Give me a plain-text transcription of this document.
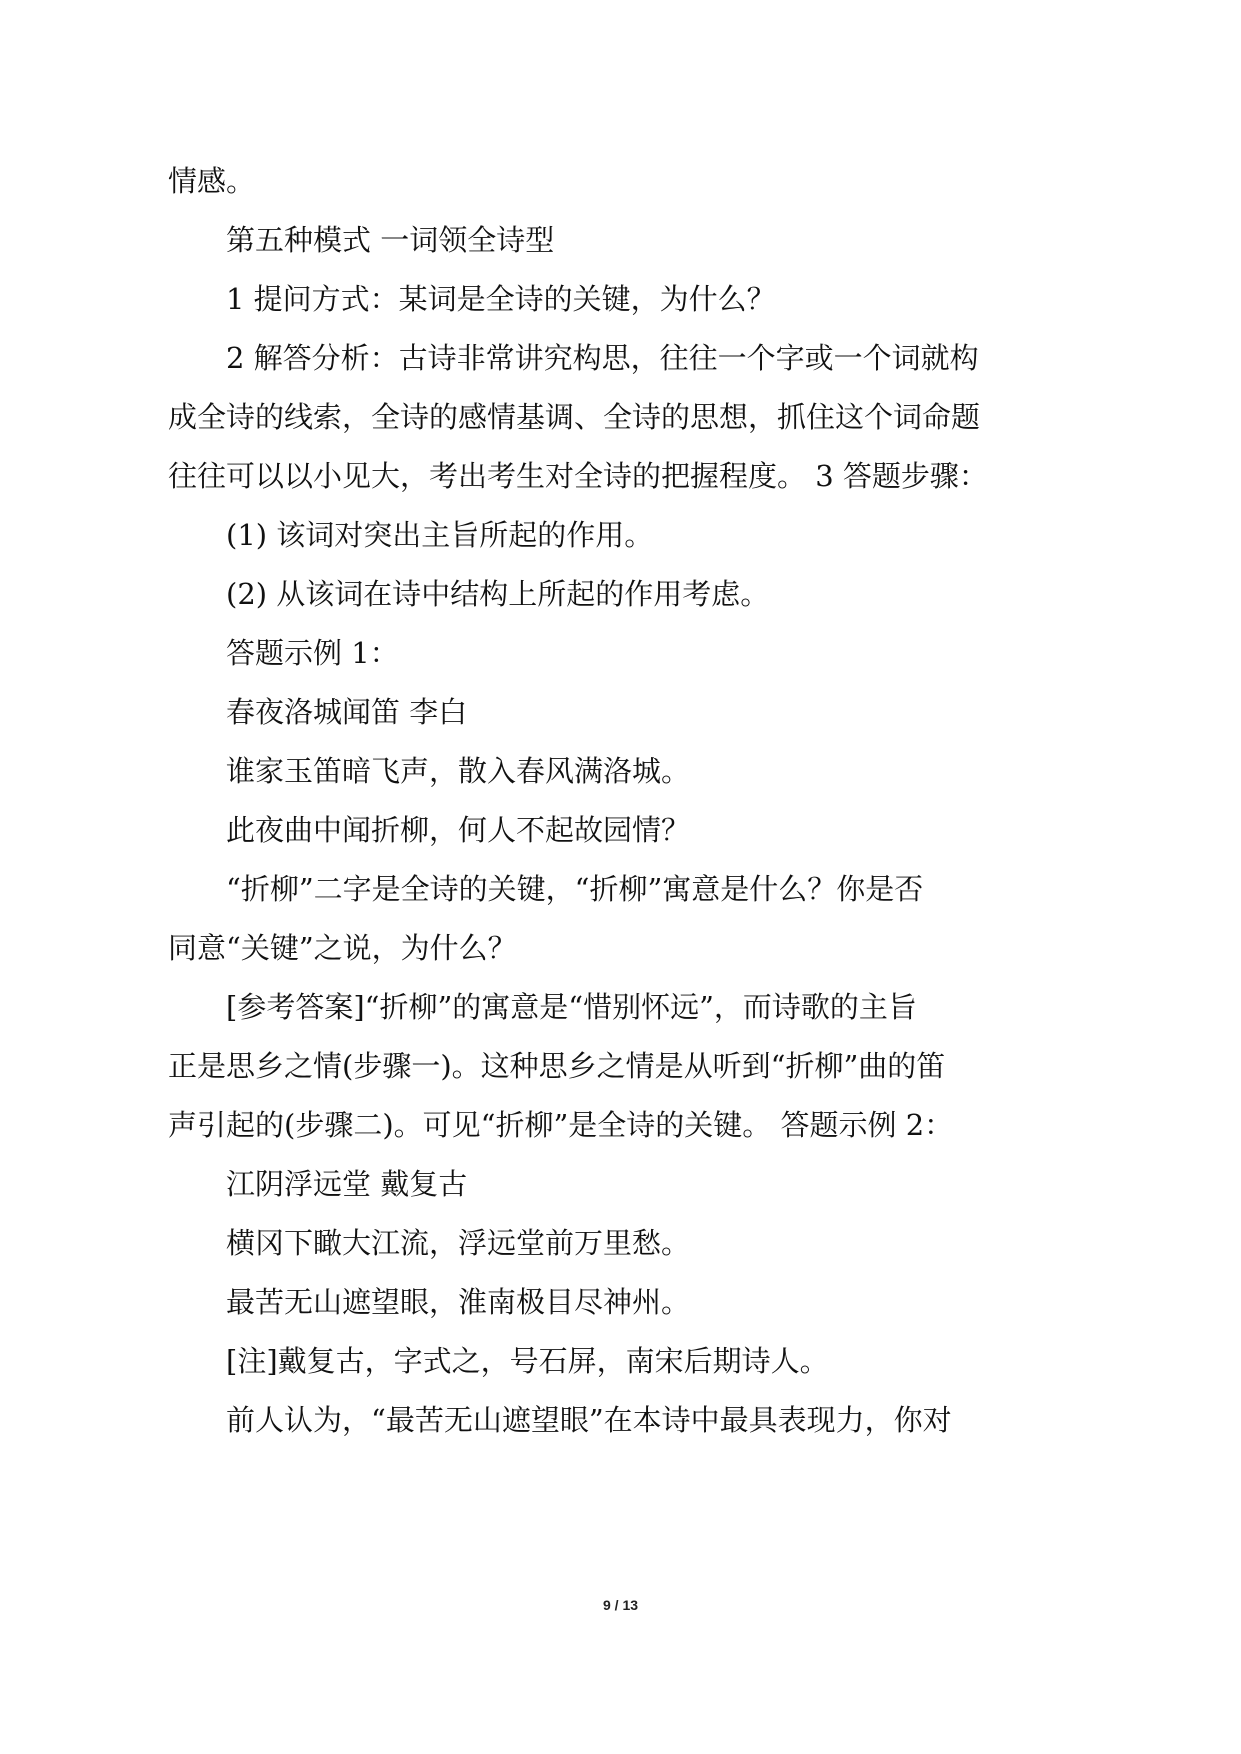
情感。
第五种模式 一词领全诗型
1 提问方式：某词是全诗的关键，为什么？
2 解答分析：古诗非常讲究构思，往往一个字或一个词就构
成全诗的线索，全诗的感情基调、全诗的思想，抓住这个词命题
往往可以以小见大，考出考生对全诗的把握程度。 3 答题步骤：
(1) 该词对突出主旨所起的作用。
(2) 从该词在诗中结构上所起的作用考虑。
答题示例 1：
春夜洛城闻笛 李白
谁家玉笛暗飞声，散入春风满洛城。
此夜曲中闻折柳，何人不起故园情？
“折柳”二字是全诗的关键，“折柳”寓意是什么？你是否
同意“关键”之说，为什么？
[参考答案]“折柳”的寓意是“惜别怀远”，而诗歌的主旨
正是思乡之情(步骤一)。这种思乡之情是从听到“折柳”曲的笛
声引起的(步骤二)。可见“折柳”是全诗的关键。 答题示例 2：
江阴浮远堂 戴复古
横冈下瞰大江流，浮远堂前万里愁。
最苦无山遮望眼，淮南极目尽神州。
[注]戴复古，字式之，号石屏，南宋后期诗人。
前人认为，“最苦无山遮望眼”在本诗中最具表现力，你对
9 / 13
